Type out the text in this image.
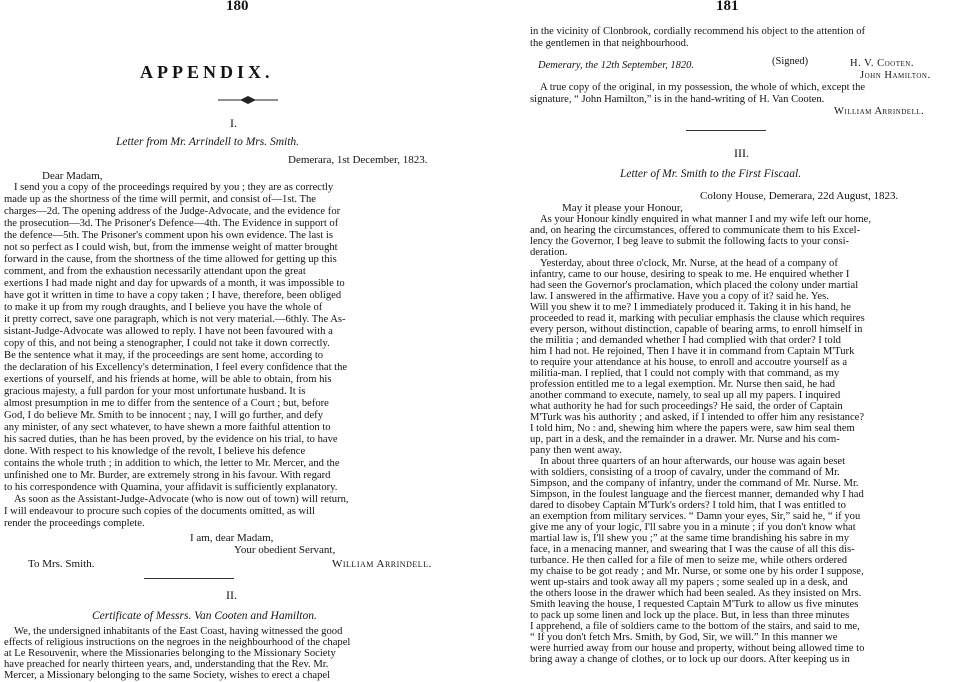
180
APPENDIX.
I.
Letter from Mr. Arrindell to Mrs. Smith.
Demerara, 1st December, 1823.
Dear Madam,
I send you a copy of the proceedings required by you ; they are as correctly
made up as the shortness of the time will permit, and consist of—1st. The
charges—2d. The opening address of the Judge-Advocate, and the evidence for
the prosecution—3d. The Prisoner's Defence—4th. The Evidence in support of
the defence—5th. The Prisoner's comment upon his own evidence. The last is
not so perfect as I could wish, but, from the immense weight of matter brought
forward in the cause, from the shortness of the time allowed for getting up this
comment, and from the exhaustion necessarily attendant upon the great
exertions I had made night and day for upwards of a month, it was impossible to
have got it written in time to have a copy taken ; I have, therefore, been obliged
to make it up from my rough draughts, and I believe you have the whole of
it pretty correct, save one paragraph, which is not very material.—6thly. The As-
sistant-Judge-Advocate was allowed to reply. I have not been favoured with a
copy of this, and not being a stenographer, I could not take it down correctly.
Be the sentence what it may, if the proceedings are sent home, according to
the declaration of his Excellency's determination, I feel every confidence that the
exertions of yourself, and his friends at home, will be able to obtain, from his
gracious majesty, a full pardon for your most unfortunate husband. It is
almost presumption in me to differ from the sentence of a Court ; but, before
God, I do believe Mr. Smith to be innocent ; nay, I will go further, and defy
any minister, of any sect whatever, to have shewn a more faithful attention to
his sacred duties, than he has been proved, by the evidence on his trial, to have
done. With respect to his knowledge of the revolt, I believe his defence
contains the whole truth ; in addition to which, the letter to Mr. Mercer, and the
unfinished one to Mr. Burder, are extremely strong in his favour. With regard
to his correspondence with Quamina, your affidavit is sufficiently explanatory.
As soon as the Assistant-Judge-Advocate (who is now out of town) will return,
I will endeavour to procure such copies of the documents omitted, as will
render the proceedings complete.
I am, dear Madam,
Your obedient Servant,
To Mrs. Smith.	William Arrindell.
II.
Certificate of Messrs. Van Cooten and Hamilton.
We, the undersigned inhabitants of the East Coast, having witnessed the good
effects of religious instructions on the negroes in the neighbourhood of the chapel
at Le Resouvenir, where the Missionaries belonging to the Missionary Society
have preached for nearly thirteen years, and, understanding that the Rev. Mr.
Mercer, a Missionary belonging to the same Society, wishes to erect a chapel
181
in the vicinity of Clonbrook, cordially recommend his object to the attention of
the gentlemen in that neighbourhood.
Demerary, the 12th September, 1820.	(Signed)	H. V. Cooten.
John Hamilton.
A true copy of the original, in my possession, the whole of which, except the
signature, “ John Hamilton,” is in the hand-writing of H. Van Cooten.
William Arrindell.
III.
Letter of Mr. Smith to the First Fiscaal.
Colony House, Demerara, 22d August, 1823.
May it please your Honour,
As your Honour kindly enquired in what manner I and my wife left our home,
and, on hearing the circumstances, offered to communicate them to his Excel-
lency the Governor, I beg leave to submit the following facts to your consi-
deration.
Yesterday, about three o'clock, Mr. Nurse, at the head of a company of
infantry, came to our house, desiring to speak to me. He enquired whether I
had seen the Governor's proclamation, which placed the colony under martial
law. I answered in the affirmative. Have you a copy of it? said he. Yes.
Will you shew it to me? I immediately produced it. Taking it in his hand, he
proceeded to read it, marking with peculiar emphasis the clause which requires
every person, without distinction, capable of bearing arms, to enroll himself in
the militia ; and demanded whether I had complied with that order? I told
him I had not. He rejoined, Then I have it in command from Captain M'Turk
to require your attendance at his house, to enroll and accoutre yourself as a
militia-man. I replied, that I could not comply with that command, as my
profession entitled me to a legal exemption. Mr. Nurse then said, he had
another command to execute, namely, to seal up all my papers. I inquired
what authority he had for such proceedings? He said, the order of Captain
M'Turk was his authority ; and asked, if I intended to offer him any resistance?
I told him, No : and, shewing him where the papers were, saw him seal them
up, part in a desk, and the remainder in a drawer. Mr. Nurse and his com-
pany then went away.
In about three quarters of an hour afterwards, our house was again beset
with soldiers, consisting of a troop of cavalry, under the command of Mr.
Simpson, and the company of infantry, under the command of Mr. Nurse. Mr.
Simpson, in the foulest language and the fiercest manner, demanded why I had
dared to disobey Captain M'Turk's orders? I told him, that I was entitled to
an exemption from military services. “ Damn your eyes, Sir,” said he, “ if you
give me any of your logic, I'll sabre you in a minute ; if you don't know what
martial law is, I'll shew you ;” at the same time brandishing his sabre in my
face, in a menacing manner, and swearing that I was the cause of all this dis-
turbance. He then called for a file of men to seize me, while others ordered
my chaise to be got ready ; and Mr. Nurse, or some one by his order I suppose,
went up-stairs and took away all my papers ; some sealed up in a desk, and
the others loose in the drawer which had been sealed. As they insisted on Mrs.
Smith leaving the house, I requested Captain M'Turk to allow us five minutes
to pack up some linen and lock up the place. But, in less than three minutes
I apprehend, a file of soldiers came to the bottom of the stairs, and said to me,
“ If you don't fetch Mrs. Smith, by God, Sir, we will.” In this manner we
were hurried away from our house and property, without being allowed time to
bring away a change of clothes, or to lock up our doors. After keeping us in
